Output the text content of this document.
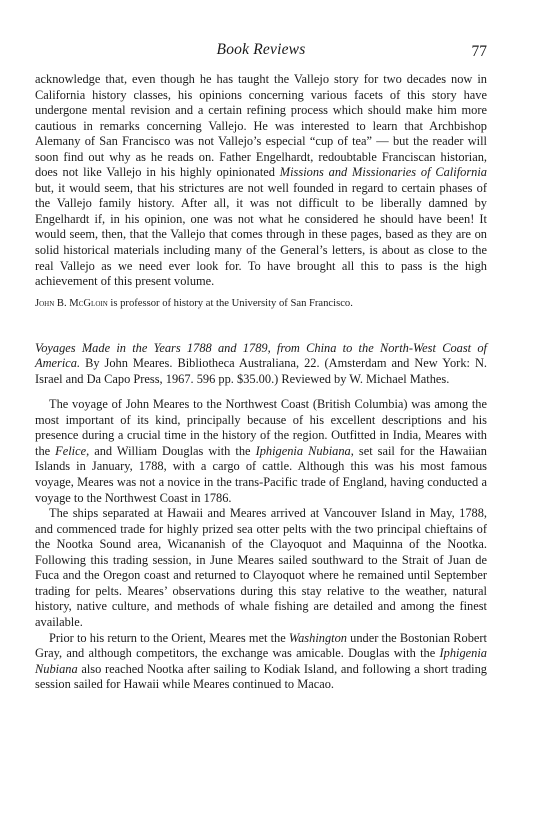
Book Reviews	77

acknowledge that, even though he has taught the Vallejo story for two decades now in California history classes, his opinions concerning various facets of this story have undergone mental revision and a certain refining process which should make him more cautious in remarks concerning Vallejo. He was interested to learn that Archbishop Alemany of San Francisco was not Vallejo’s especial “cup of tea” — but the reader will soon find out why as he reads on. Father Engelhardt, redoubtable Franciscan historian, does not like Vallejo in his highly opinionated Missions and Missionaries of California but, it would seem, that his strictures are not well founded in regard to certain phases of the Vallejo family history. After all, it was not difficult to be liberally damned by Engelhardt if, in his opinion, one was not what he considered he should have been! It would seem, then, that the Vallejo that comes through in these pages, based as they are on solid historical materials including many of the General’s letters, is about as close to the real Vallejo as we need ever look for. To have brought all this to pass is the high achievement of this present volume.

John B. McGloin is professor of history at the University of San Francisco.

Voyages Made in the Years 1788 and 1789, from China to the North-West Coast of America. By John Meares. Bibliotheca Australiana, 22. (Amsterdam and New York: N. Israel and Da Capo Press, 1967. 596 pp. $35.00.) Reviewed by W. Michael Mathes.

The voyage of John Meares to the Northwest Coast (British Columbia) was among the most important of its kind, principally because of his excellent descriptions and his presence during a crucial time in the history of the region. Outfitted in India, Meares with the Felice, and William Douglas with the Iphigenia Nubiana, set sail for the Hawaiian Islands in January, 1788, with a cargo of cattle. Although this was his most famous voyage, Meares was not a novice in the trans-Pacific trade of England, having conducted a voyage to the Northwest Coast in 1786.

The ships separated at Hawaii and Meares arrived at Vancouver Island in May, 1788, and commenced trade for highly prized sea otter pelts with the two principal chieftains of the Nootka Sound area, Wicananish of the Clayoquot and Maquinna of the Nootka. Following this trading session, in June Meares sailed southward to the Strait of Juan de Fuca and the Oregon coast and returned to Clayoquot where he remained until September trading for pelts. Meares’ observations during this stay relative to the weather, natural history, native culture, and methods of whale fishing are detailed and among the finest available.

Prior to his return to the Orient, Meares met the Washington under the Bostonian Robert Gray, and although competitors, the exchange was amicable. Douglas with the Iphigenia Nubiana also reached Nootka after sailing to Kodiak Island, and following a short trading session sailed for Hawaii while Meares continued to Macao.
